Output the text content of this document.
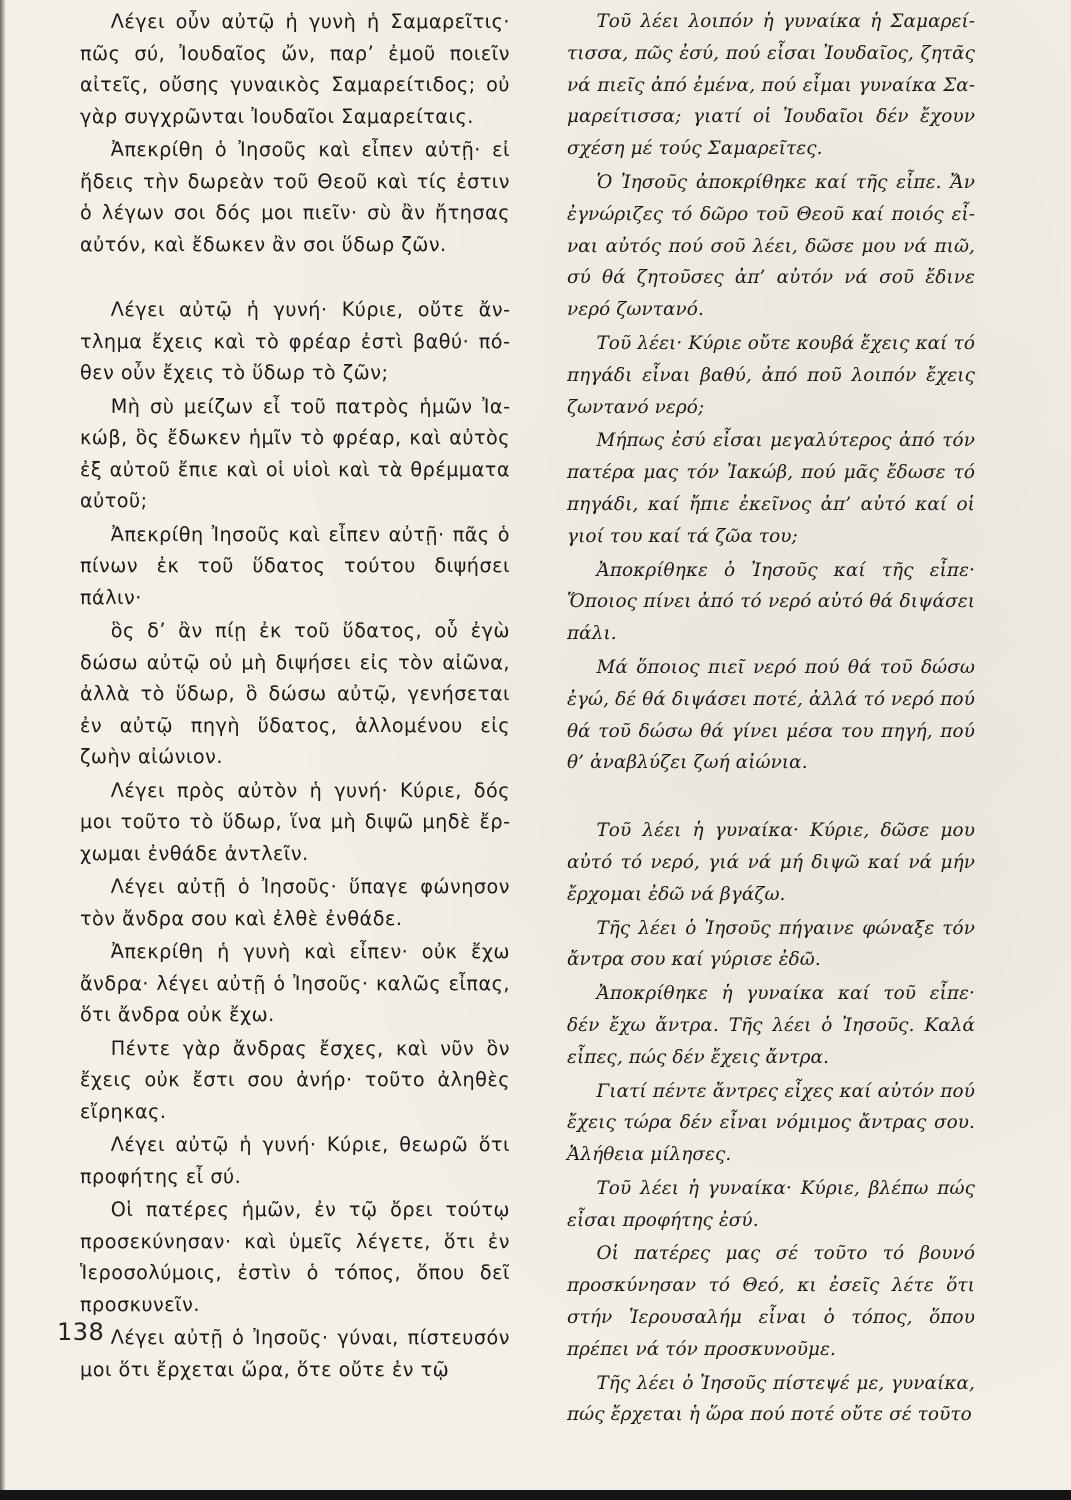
Λέγει οὖν αὐτῷ ἡ γυνὴ ἡ Σαμαρεῖτις· πῶς σύ, Ἰουδαῖος ὤν, παρ’ ἐμοῦ ποιεῖν αἰτεῖς, οὔσης γυναικὸς Σαμαρείτιδος; οὐ γὰρ συγχρῶνται Ἰουδαῖοι Σαμαρείταις.

Ἀπεκρίθη ὁ Ἰησοῦς καὶ εἶπεν αὐτῇ· εἰ ἤδεις τὴν δωρεὰν τοῦ Θεοῦ καὶ τίς ἐστιν ὁ λέγων σοι δός μοι πιεῖν· σὺ ἂν ἤτησας αὐτόν, καὶ ἔδωκεν ἂν σοι ὕδωρ ζῶν.

Λέγει αὐτῷ ἡ γυνή· Κύριε, οὔτε ἄντλημα ἔχεις καὶ τὸ φρέαρ ἐστὶ βαθύ· πόθεν οὖν ἔχεις τὸ ὕδωρ τὸ ζῶν;

Μὴ σὺ μείζων εἶ τοῦ πατρὸς ἡμῶν Ἰακώβ, ὃς ἔδωκεν ἡμῖν τὸ φρέαρ, καὶ αὐτὸς ἐξ αὐτοῦ ἔπιε καὶ οἱ υἱοὶ καὶ τὰ θρέμματα αὐτοῦ;

Ἀπεκρίθη Ἰησοῦς καὶ εἶπεν αὐτῇ· πᾶς ὁ πίνων ἐκ τοῦ ὕδατος τούτου διψήσει πάλιν·

ὃς δ’ ἂν πίῃ ἐκ τοῦ ὕδατος, οὗ ἐγὼ δώσω αὐτῷ οὐ μὴ διψήσει εἰς τὸν αἰῶνα, ἀλλὰ τὸ ὕδωρ, ὃ δώσω αὐτῷ, γενήσεται ἐν αὐτῷ πηγὴ ὕδατος, ἁλλομένου εἰς ζωὴν αἰώνιον.

Λέγει πρὸς αὐτὸν ἡ γυνή· Κύριε, δός μοι τοῦτο τὸ ὕδωρ, ἵνα μὴ διψῶ μηδὲ ἔρχωμαι ἐνθάδε ἀντλεῖν.

Λέγει αὐτῇ ὁ Ἰησοῦς· ὕπαγε φώνησον τὸν ἄνδρα σου καὶ ἐλθὲ ἐνθάδε.

Ἀπεκρίθη ἡ γυνὴ καὶ εἶπεν· οὐκ ἔχω ἄνδρα· λέγει αὐτῇ ὁ Ἰησοῦς· καλῶς εἶπας, ὅτι ἄνδρα οὐκ ἔχω.

Πέντε γὰρ ἄνδρας ἔσχες, καὶ νῦν ὃν ἔχεις οὐκ ἔστι σου ἀνήρ· τοῦτο ἀληθὲς εἴρηκας.

Λέγει αὐτῷ ἡ γυνή· Κύριε, θεωρῶ ὅτι προφήτης εἶ σύ.

Οἱ πατέρες ἡμῶν, ἐν τῷ ὄρει τούτῳ προσεκύνησαν· καὶ ὑμεῖς λέγετε, ὅτι ἐν Ἱεροσολύμοις, ἐστὶν ὁ τόπος, ὅπου δεῖ προσκυνεῖν.

Λέγει αὐτῇ ὁ Ἰησοῦς· γύναι, πίστευσόν μοι ὅτι ἔρχεται ὥρα, ὅτε οὔτε ἐν τῷ

Τοῦ λέει λοιπόν ἡ γυναίκα ἡ Σαμαρείτισσα, πῶς ἐσύ, πού εἶσαι Ἰουδαῖος, ζητᾶς νά πιεῖς ἀπό ἐμένα, πού εἶμαι γυναίκα Σαμαρείτισσα; γιατί οἱ Ἰουδαῖοι δέν ἔχουν σχέση μέ τούς Σαμαρεῖτες.

Ὁ Ἰησοῦς ἀποκρίθηκε καί τῆς εἶπε. Ἄν ἐγνώριζες τό δῶρο τοῦ Θεοῦ καί ποιός εἶναι αὐτός πού σοῦ λέει, δῶσε μου νά πιῶ, σύ θά ζητοῦσες ἀπ’ αὐτόν νά σοῦ ἔδινε νερό ζωντανό.

Τοῦ λέει· Κύριε οὔτε κουβά ἔχεις καί τό πηγάδι εἶναι βαθύ, ἀπό ποῦ λοιπόν ἔχεις ζωντανό νερό;

Μήπως ἐσύ εἶσαι μεγαλύτερος ἀπό τόν πατέρα μας τόν Ἰακώβ, πού μᾶς ἔδωσε τό πηγάδι, καί ἤπιε ἐκεῖνος ἀπ’ αὐτό καί οἱ γιοί του καί τά ζῶα του;

Ἀποκρίθηκε ὁ Ἰησοῦς καί τῆς εἶπε· Ὅποιος πίνει ἀπό τό νερό αὐτό θά διψάσει πάλι.

Μά ὅποιος πιεῖ νερό πού θά τοῦ δώσω ἐγώ, δέ θά διψάσει ποτέ, ἀλλά τό νερό πού θά τοῦ δώσω θά γίνει μέσα του πηγή, πού θ’ ἀναβλύζει ζωή αἰώνια.

Τοῦ λέει ἡ γυναίκα· Κύριε, δῶσε μου αὐτό τό νερό, γιά νά μή διψῶ καί νά μήν ἔρχομαι ἐδῶ νά βγάζω.

Τῆς λέει ὁ Ἰησοῦς πήγαινε φώναξε τόν ἄντρα σου καί γύρισε ἐδῶ.

Ἀποκρίθηκε ἡ γυναίκα καί τοῦ εἶπε· δέν ἔχω ἄντρα. Τῆς λέει ὁ Ἰησοῦς. Καλά εἶπες, πώς δέν ἔχεις ἄντρα.

Γιατί πέντε ἄντρες εἶχες καί αὐτόν πού ἔχεις τώρα δέν εἶναι νόμιμος ἄντρας σου. Ἀλήθεια μίλησες.

Τοῦ λέει ἡ γυναίκα· Κύριε, βλέπω πώς εἶσαι προφήτης ἐσύ.

Οἱ πατέρες μας σέ τοῦτο τό βουνό προσκύνησαν τό Θεό, κι ἐσεῖς λέτε ὅτι στήν Ἱερουσαλήμ εἶναι ὁ τόπος, ὅπου πρέπει νά τόν προσκυνοῦμε.

Τῆς λέει ὁ Ἰησοῦς πίστεψέ με, γυναίκα, πώς ἔρχεται ἡ ὥρα πού ποτέ οὔτε σέ τοῦτο

138
